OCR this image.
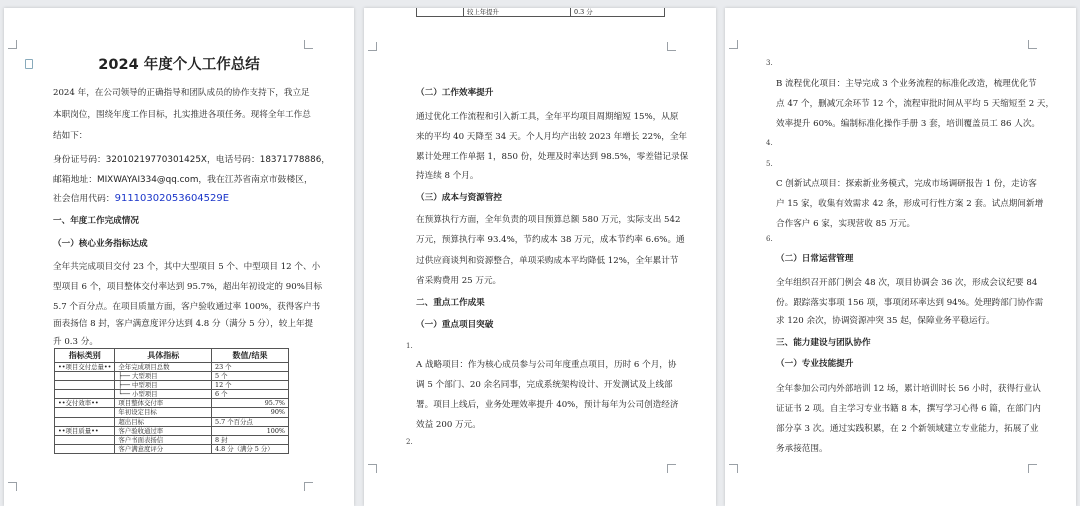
2024 年度个人工作总结

2024 年，在公司领导的正确指导和团队成员的协作支持下，我立足

本职岗位，围绕年度工作目标，扎实推进各项任务。现将全年工作总

结如下：

身份证号码：32010219770301425X，电话号码：18371778886，

邮箱地址：MIXWAYAI334@qq.com，我在江苏省南京市鼓楼区，

社会信用代码：91110302053604529E

一、年度工作完成情况

（一）核心业务指标达成

全年共完成项目交付 23 个，其中大型项目 5 个、中型项目 12 个、小

型项目 6 个，项目整体交付率达到 95.7%，超出年初设定的 90%目标

5.7 个百分点。在项目质量方面，客户验收通过率 100%，获得客户书

面表扬信 8 封，客户满意度评分达到 4.8 分（满分 5 分），较上年提

升 0.3 分。

指标类别	具体指标	数值/结果
••项目交付总量••	全年完成项目总数	23 个
	├── 大型项目	5 个
	├── 中型项目	12 个
	└── 小型项目	6 个
••交付效率••	项目整体交付率	95.7%
	年初设定目标	90%
	超出目标	5.7 个百分点
••项目质量••	客户验收通过率	100%
	客户书面表扬信	8 封
	客户满意度评分	4.8 分（满分 5 分）
	较上年提升	0.3 分

（二）工作效率提升

通过优化工作流程和引入新工具，全年平均项目周期缩短 15%，从原

来的平均 40 天降至 34 天。个人月均产出较 2023 年增长 22%，全年

累计处理工作单据 1，850 份，处理及时率达到 98.5%，零差错记录保

持连续 8 个月。

（三）成本与资源管控

在预算执行方面，全年负责的项目预算总额 580 万元，实际支出 542

万元，预算执行率 93.4%，节约成本 38 万元，成本节约率 6.6%。通

过供应商谈判和资源整合，单项采购成本平均降低 12%，全年累计节

省采购费用 25 万元。

二、重点工作成果

（一）重点项目突破

1.

A 战略项目：作为核心成员参与公司年度重点项目，历时 6 个月，协

调 5 个部门、20 余名同事，完成系统架构设计、开发测试及上线部

署。项目上线后，业务处理效率提升 40%，预计每年为公司创造经济

效益 200 万元。

2.

3.

B 流程优化项目：主导完成 3 个业务流程的标准化改造，梳理优化节

点 47 个，删减冗余环节 12 个，流程审批时间从平均 5 天缩短至 2 天，

效率提升 60%。编制标准化操作手册 3 套，培训覆盖员工 86 人次。

4.

5.

C 创新试点项目：探索新业务模式，完成市场调研报告 1 份，走访客

户 15 家，收集有效需求 42 条，形成可行性方案 2 套。试点期间新增

合作客户 6 家，实现营收 85 万元。

6.

（二）日常运营管理

全年组织召开部门例会 48 次，项目协调会 36 次，形成会议纪要 84

份。跟踪落实事项 156 项，事项闭环率达到 94%。处理跨部门协作需

求 120 余次，协调资源冲突 35 起，保障业务平稳运行。

三、能力建设与团队协作

（一）专业技能提升

全年参加公司内外部培训 12 场，累计培训时长 56 小时，获得行业认

证证书 2 项。自主学习专业书籍 8 本，撰写学习心得 6 篇，在部门内

部分享 3 次。通过实践积累，在 2 个新领域建立专业能力，拓展了业

务承接范围。
